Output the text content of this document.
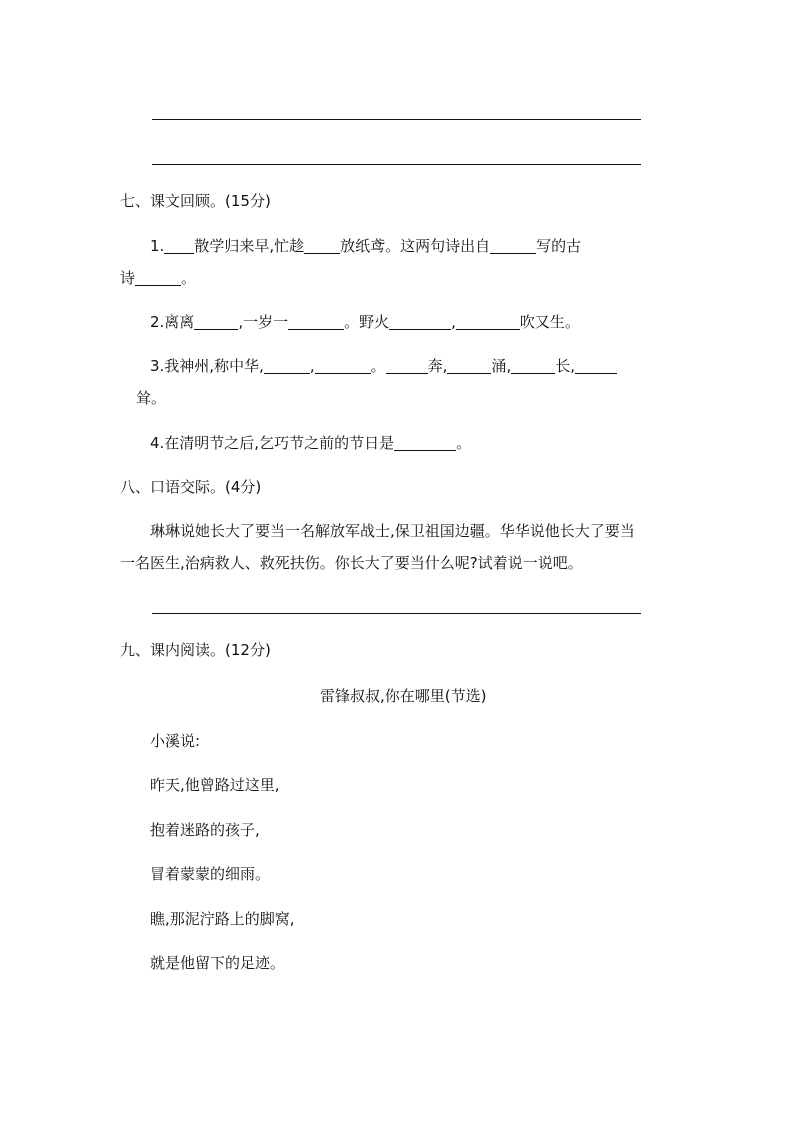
七、课文回顾。(15分)
1. 散学归来早,忙趁 放纸鸢。这两句诗出自	写的古
诗	。
2.离离	,一岁一	。野火	,	吹又生。
3.我神州,称中华,	,	。	奔,	涌,	长,
耸。
4.在清明节之后,乞巧节之前的节日是	。
八、口语交际。(4分)
琳琳说她长大了要当一名解放军战士,保卫祖国边疆。华华说他长大了要当
一名医生,治病救人、救死扶伤。你长大了要当什么呢?试着说一说吧。
九、课内阅读。(12分)
雷锋叔叔,你在哪里(节选)
小溪说:
昨天,他曾路过这里,
抱着迷路的孩子,
冒着蒙蒙的细雨。
瞧,那泥泞路上的脚窝,
就是他留下的足迹。
